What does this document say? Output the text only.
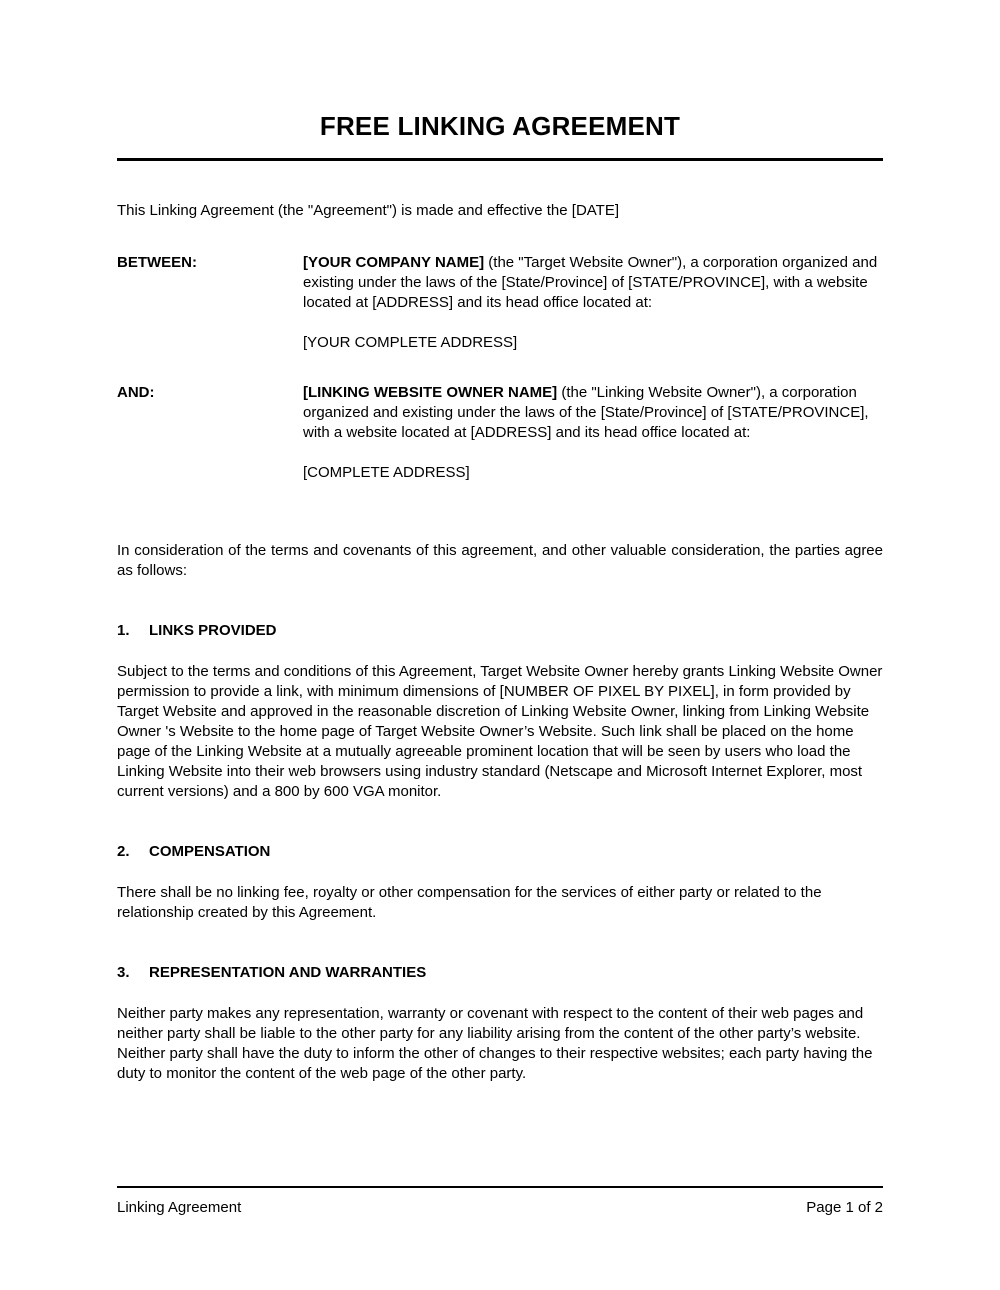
FREE LINKING AGREEMENT

This Linking Agreement (the "Agreement") is made and effective the [DATE]

BETWEEN:	[YOUR COMPANY NAME] (the "Target Website Owner"), a corporation organized and existing under the laws of the [State/Province] of [STATE/PROVINCE], with a website located at [ADDRESS] and its head office located at:
[YOUR COMPLETE ADDRESS]
AND:	[LINKING WEBSITE OWNER NAME] (the "Linking Website Owner"), a corporation organized and existing under the laws of the [State/Province] of [STATE/PROVINCE], with a website located at [ADDRESS] and its head office located at:
[COMPLETE ADDRESS]

In consideration of the terms and covenants of this agreement, and other valuable consideration, the parties agree as follows:

1.	LINKS PROVIDED

Subject to the terms and conditions of this Agreement, Target Website Owner hereby grants Linking Website Owner permission to provide a link, with minimum dimensions of [NUMBER OF PIXEL BY PIXEL], in form provided by Target Website and approved in the reasonable discretion of Linking Website Owner, linking from Linking Website Owner 's Website to the home page of Target Website Owner’s Website. Such link shall be placed on the home page of the Linking Website at a mutually agreeable prominent location that will be seen by users who load the Linking Website into their web browsers using industry standard (Netscape and Microsoft Internet Explorer, most current versions) and a 800 by 600 VGA monitor.

2.	COMPENSATION

There shall be no linking fee, royalty or other compensation for the services of either party or related to the relationship created by this Agreement.

3.	REPRESENTATION AND WARRANTIES

Neither party makes any representation, warranty or covenant with respect to the content of their web pages and neither party shall be liable to the other party for any liability arising from the content of the other party’s website. Neither party shall have the duty to inform the other of changes to their respective websites; each party having the duty to monitor the content of the web page of the other party.

Linking Agreement	Page 1 of 2
